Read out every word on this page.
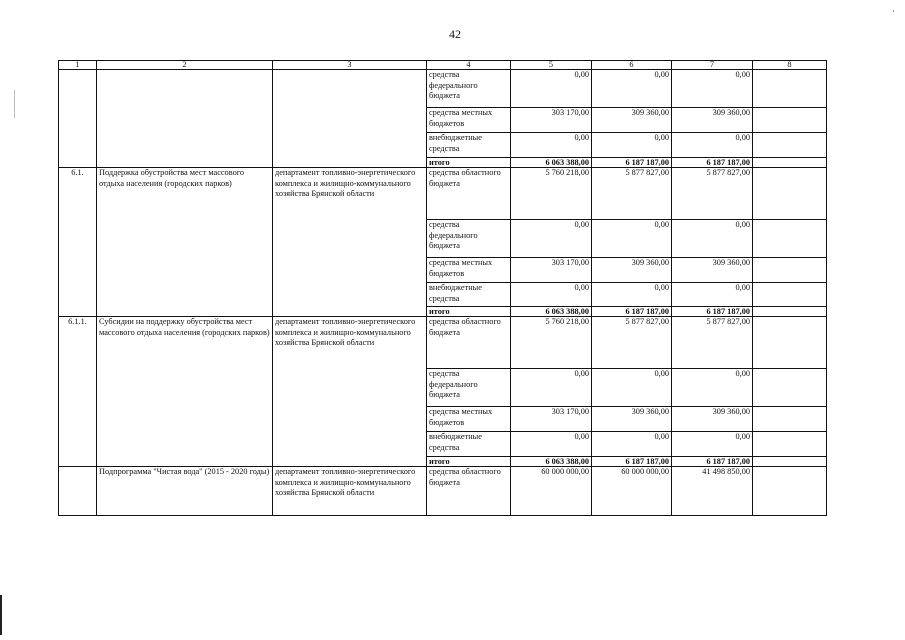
42
1	2	3	4	5	6	7	8
			средства федерального бюджета	0,00	0,00	0,00	
			средства местных бюджетов	303 170,00	309 360,00	309 360,00	
			внебюджетные средства	0,00	0,00	0,00	
			итого	6 063 388,00	6 187 187,00	6 187 187,00	
6.1.	Поддержка обустройства мест массового отдыха населения (городских парков)	департамент топливно-энергетического комплекса и жилищно-коммунального хозяйства Брянской области	средства областного бюджета	5 760 218,00	5 877 827,00	5 877 827,00	
			средства федерального бюджета	0,00	0,00	0,00	
			средства местных бюджетов	303 170,00	309 360,00	309 360,00	
			внебюджетные средства	0,00	0,00	0,00	
			итого	6 063 388,00	6 187 187,00	6 187 187,00	
6.1.1.	Субсидии на поддержку обустройства мест массового отдыха населения (городских парков)	департамент топливно-энергетического комплекса и жилищно-коммунального хозяйства Брянской области	средства областного бюджета	5 760 218,00	5 877 827,00	5 877 827,00	
			средства федерального бюджета	0,00	0,00	0,00	
			средства местных бюджетов	303 170,00	309 360,00	309 360,00	
			внебюджетные средства	0,00	0,00	0,00	
			итого	6 063 388,00	6 187 187,00	6 187 187,00	
	Подпрограмма "Чистая вода" (2015 - 2020 годы)	департамент топливно-энергетического комплекса и жилищно-коммунального хозяйства Брянской области	средства областного бюджета	60 000 000,00	60 000 000,00	41 498 850,00	
